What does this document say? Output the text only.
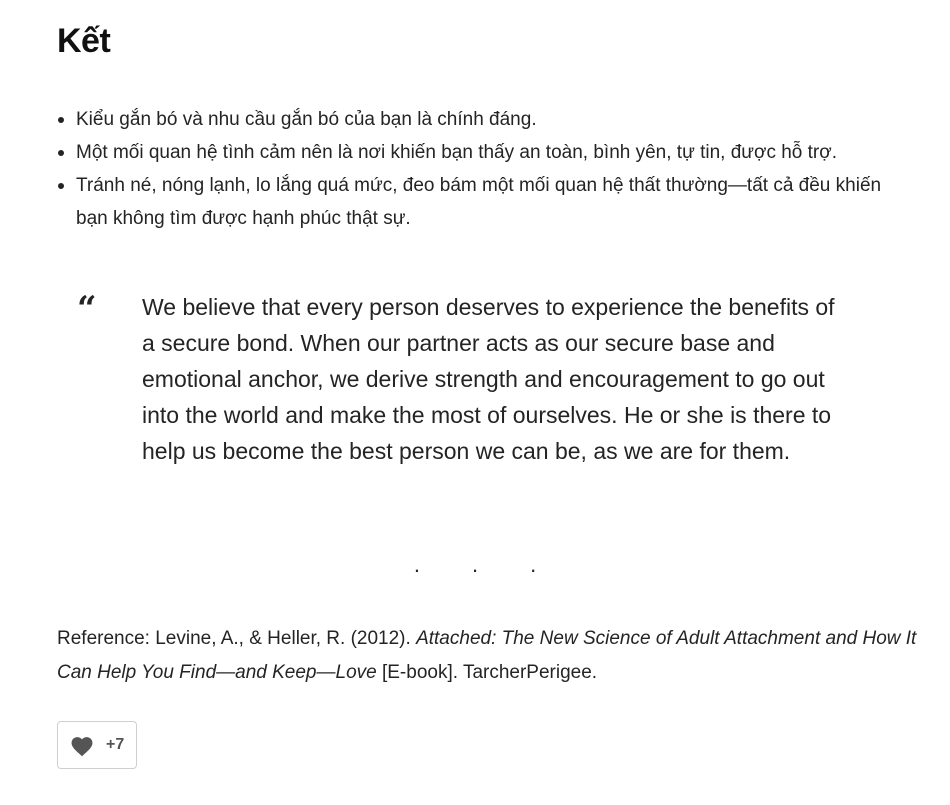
Kết
Kiểu gắn bó và nhu cầu gắn bó của bạn là chính đáng.
Một mối quan hệ tình cảm nên là nơi khiến bạn thấy an toàn, bình yên, tự tin, được hỗ trợ.
Tránh né, nóng lạnh, lo lắng quá mức, đeo bám một mối quan hệ thất thường—tất cả đều khiến bạn không tìm được hạnh phúc thật sự.
“ We believe that every person deserves to experience the benefits of a secure bond. When our partner acts as our secure base and emotional anchor, we derive strength and encouragement to go out into the world and make the most of ourselves. He or she is there to help us become the best person we can be, as we are for them.
. . .

Reference: Levine, A., & Heller, R. (2012). Attached: The New Science of Adult Attachment and How It Can Help You Find—and Keep—Love [E-book]. TarcherPerigee.

+7
